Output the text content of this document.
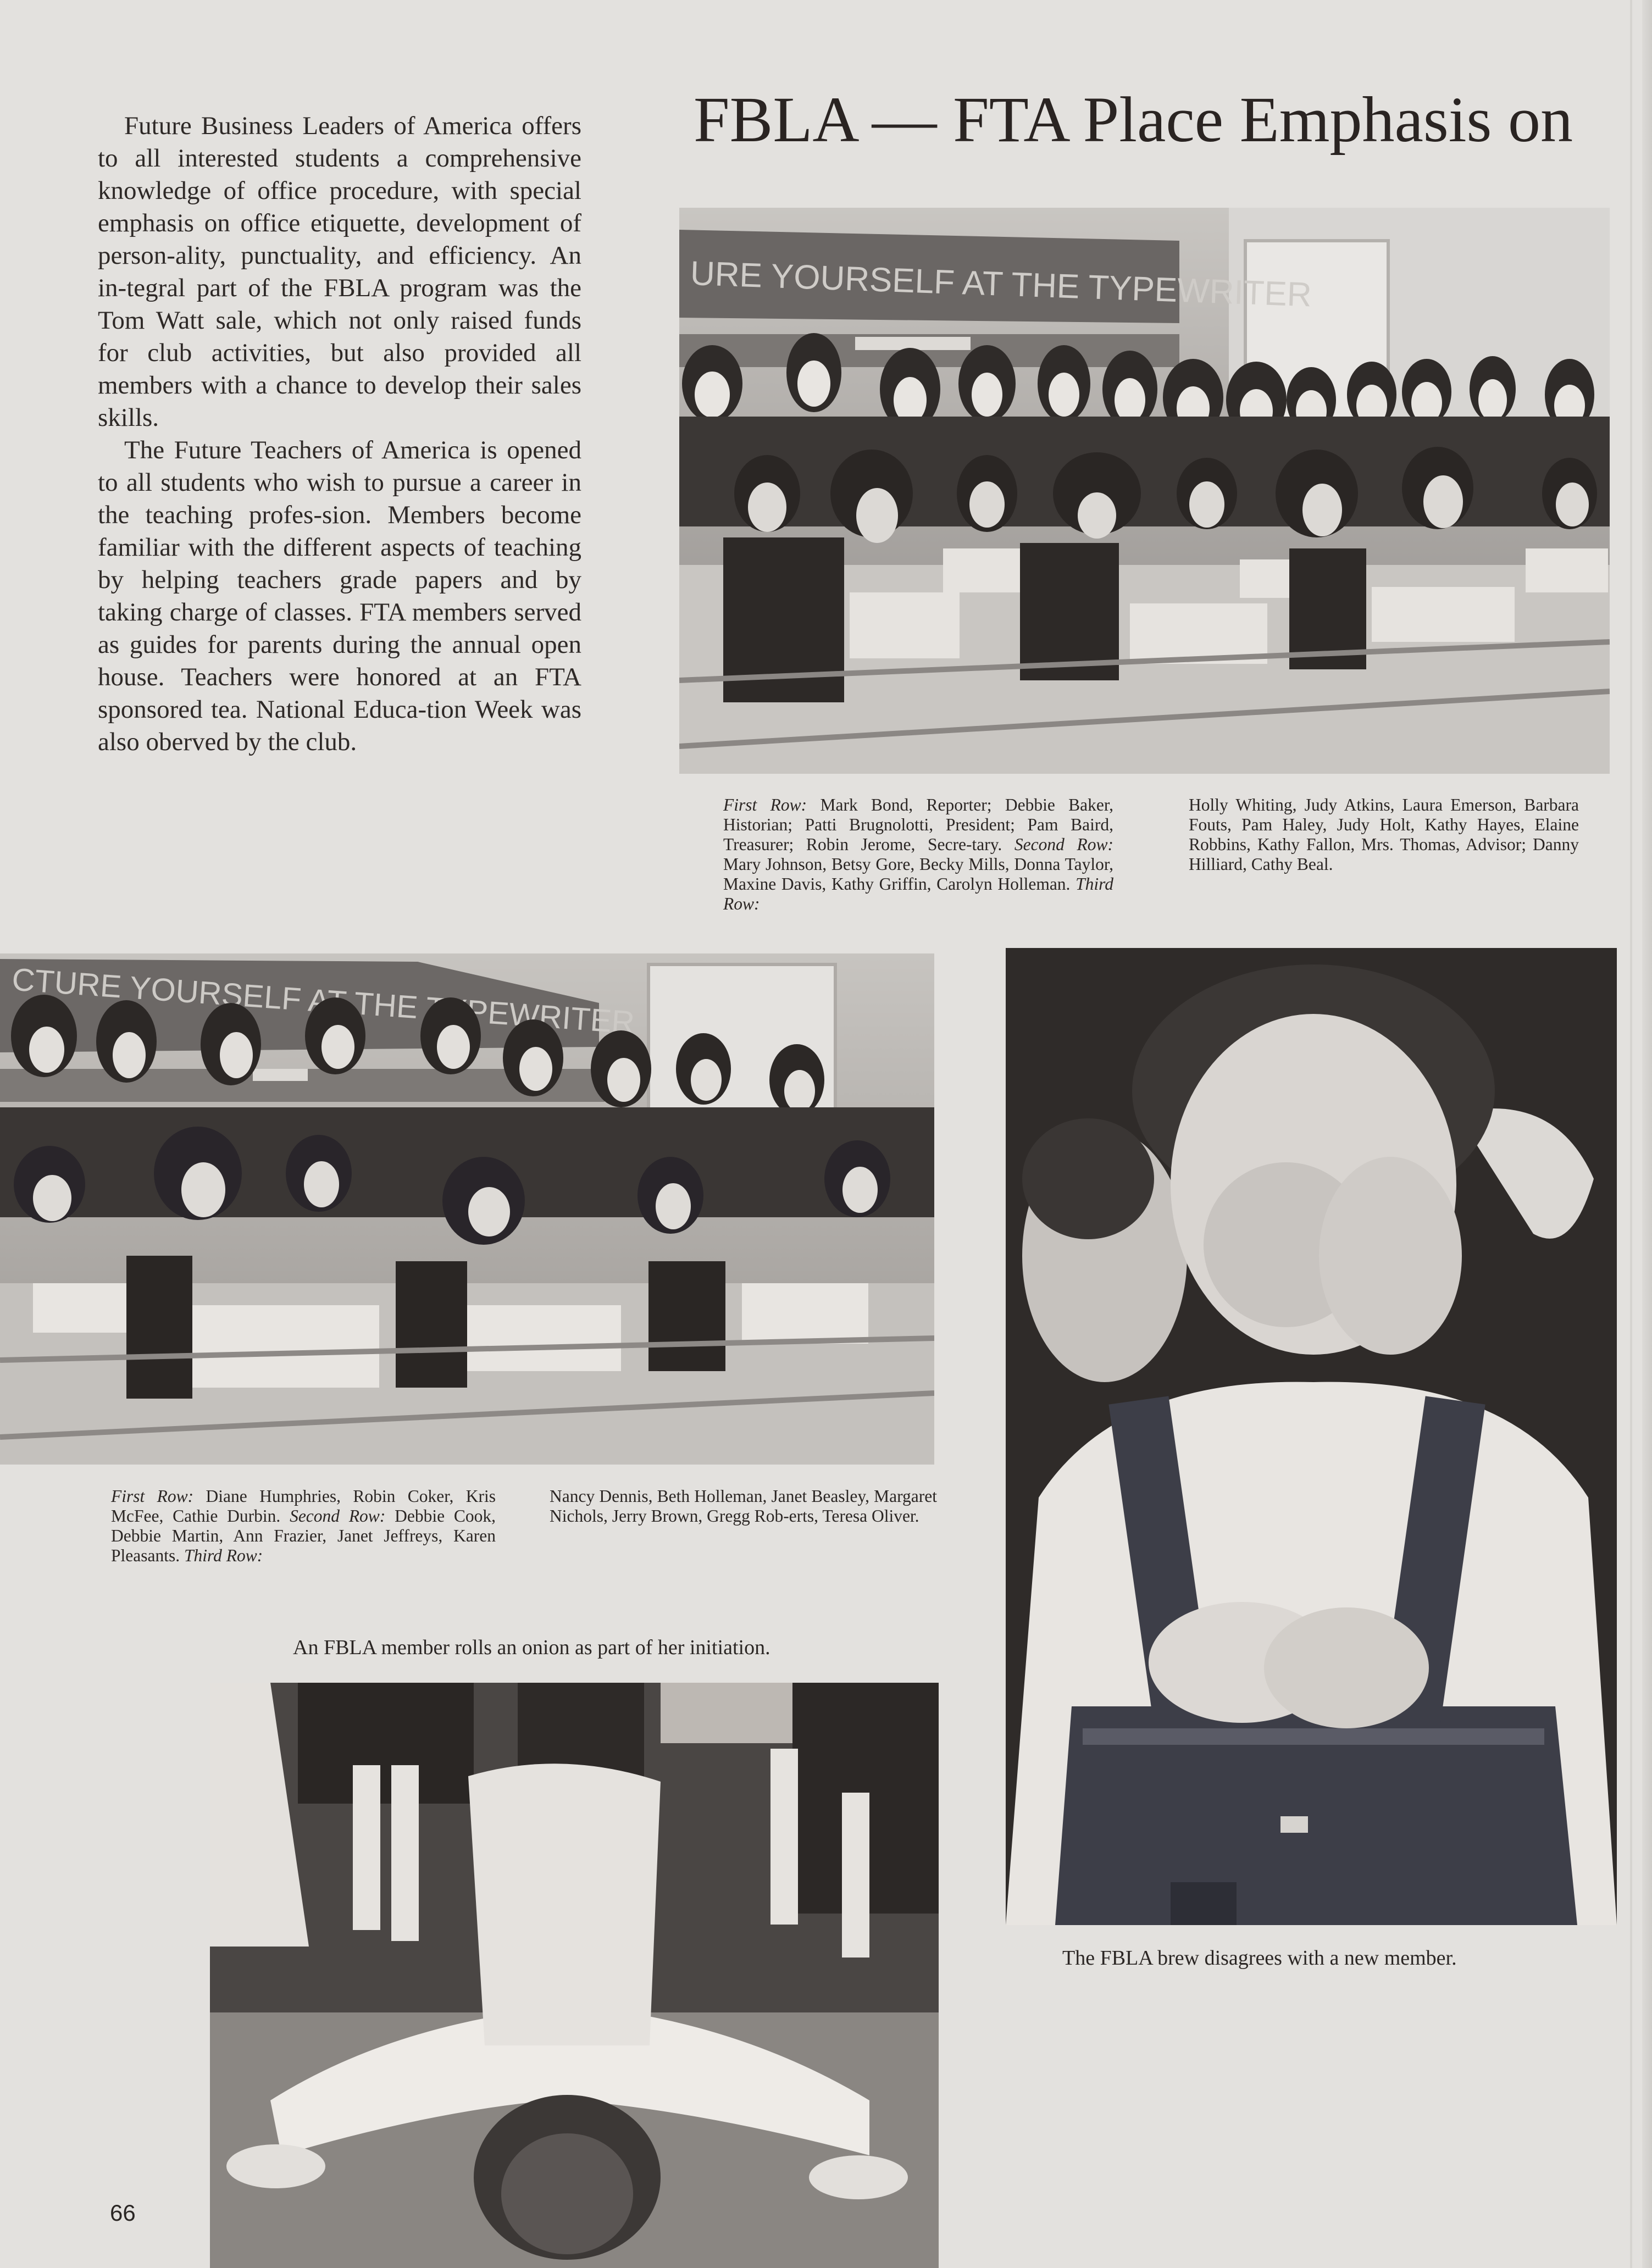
FBLA — FTA Place Emphasis on

Future Business Leaders of America offers to all interested students a comprehensive knowledge of office procedure, with special emphasis on office etiquette, development of person-ality, punctuality, and efficiency. An in-tegral part of the FBLA program was the Tom Watt sale, which not only raised funds for club activities, but also provided all members with a chance to develop their sales skills.

The Future Teachers of America is opened to all students who wish to pursue a career in the teaching profes-sion. Members become familiar with the different aspects of teaching by helping teachers grade papers and by taking charge of classes. FTA members served as guides for parents during the annual open house. Teachers were honored at an FTA sponsored tea. National Educa-tion Week was also oberved by the club.

URE YOURSELF AT THE TYPEWRITER
First Row: Mark Bond, Reporter; Debbie Baker, Historian; Patti Brugnolotti, President; Pam Baird, Treasurer; Robin Jerome, Secre-tary. Second Row: Mary Johnson, Betsy Gore, Becky Mills, Donna Taylor, Maxine Davis, Kathy Griffin, Carolyn Holleman. Third Row:
Holly Whiting, Judy Atkins, Laura Emerson, Barbara Fouts, Pam Haley, Judy Holt, Kathy Hayes, Elaine Robbins, Kathy Fallon, Mrs. Thomas, Advisor; Danny Hilliard, Cathy Beal.
CTURE YOURSELF THE TYPEWRITER
First Row: Diane Humphries, Robin Coker, Kris McFee, Cathie Durbin. Second Row: Debbie Cook, Debbie Martin, Ann Frazier, Janet Jeffreys, Karen Pleasants. Third Row:
Nancy Dennis, Beth Holleman, Janet Beasley, Margaret Nichols, Jerry Brown, Gregg Rob-erts, Teresa Oliver.
The FBLA brew disagrees with a new member.
An FBLA member rolls an onion as part of her initiation.
66
